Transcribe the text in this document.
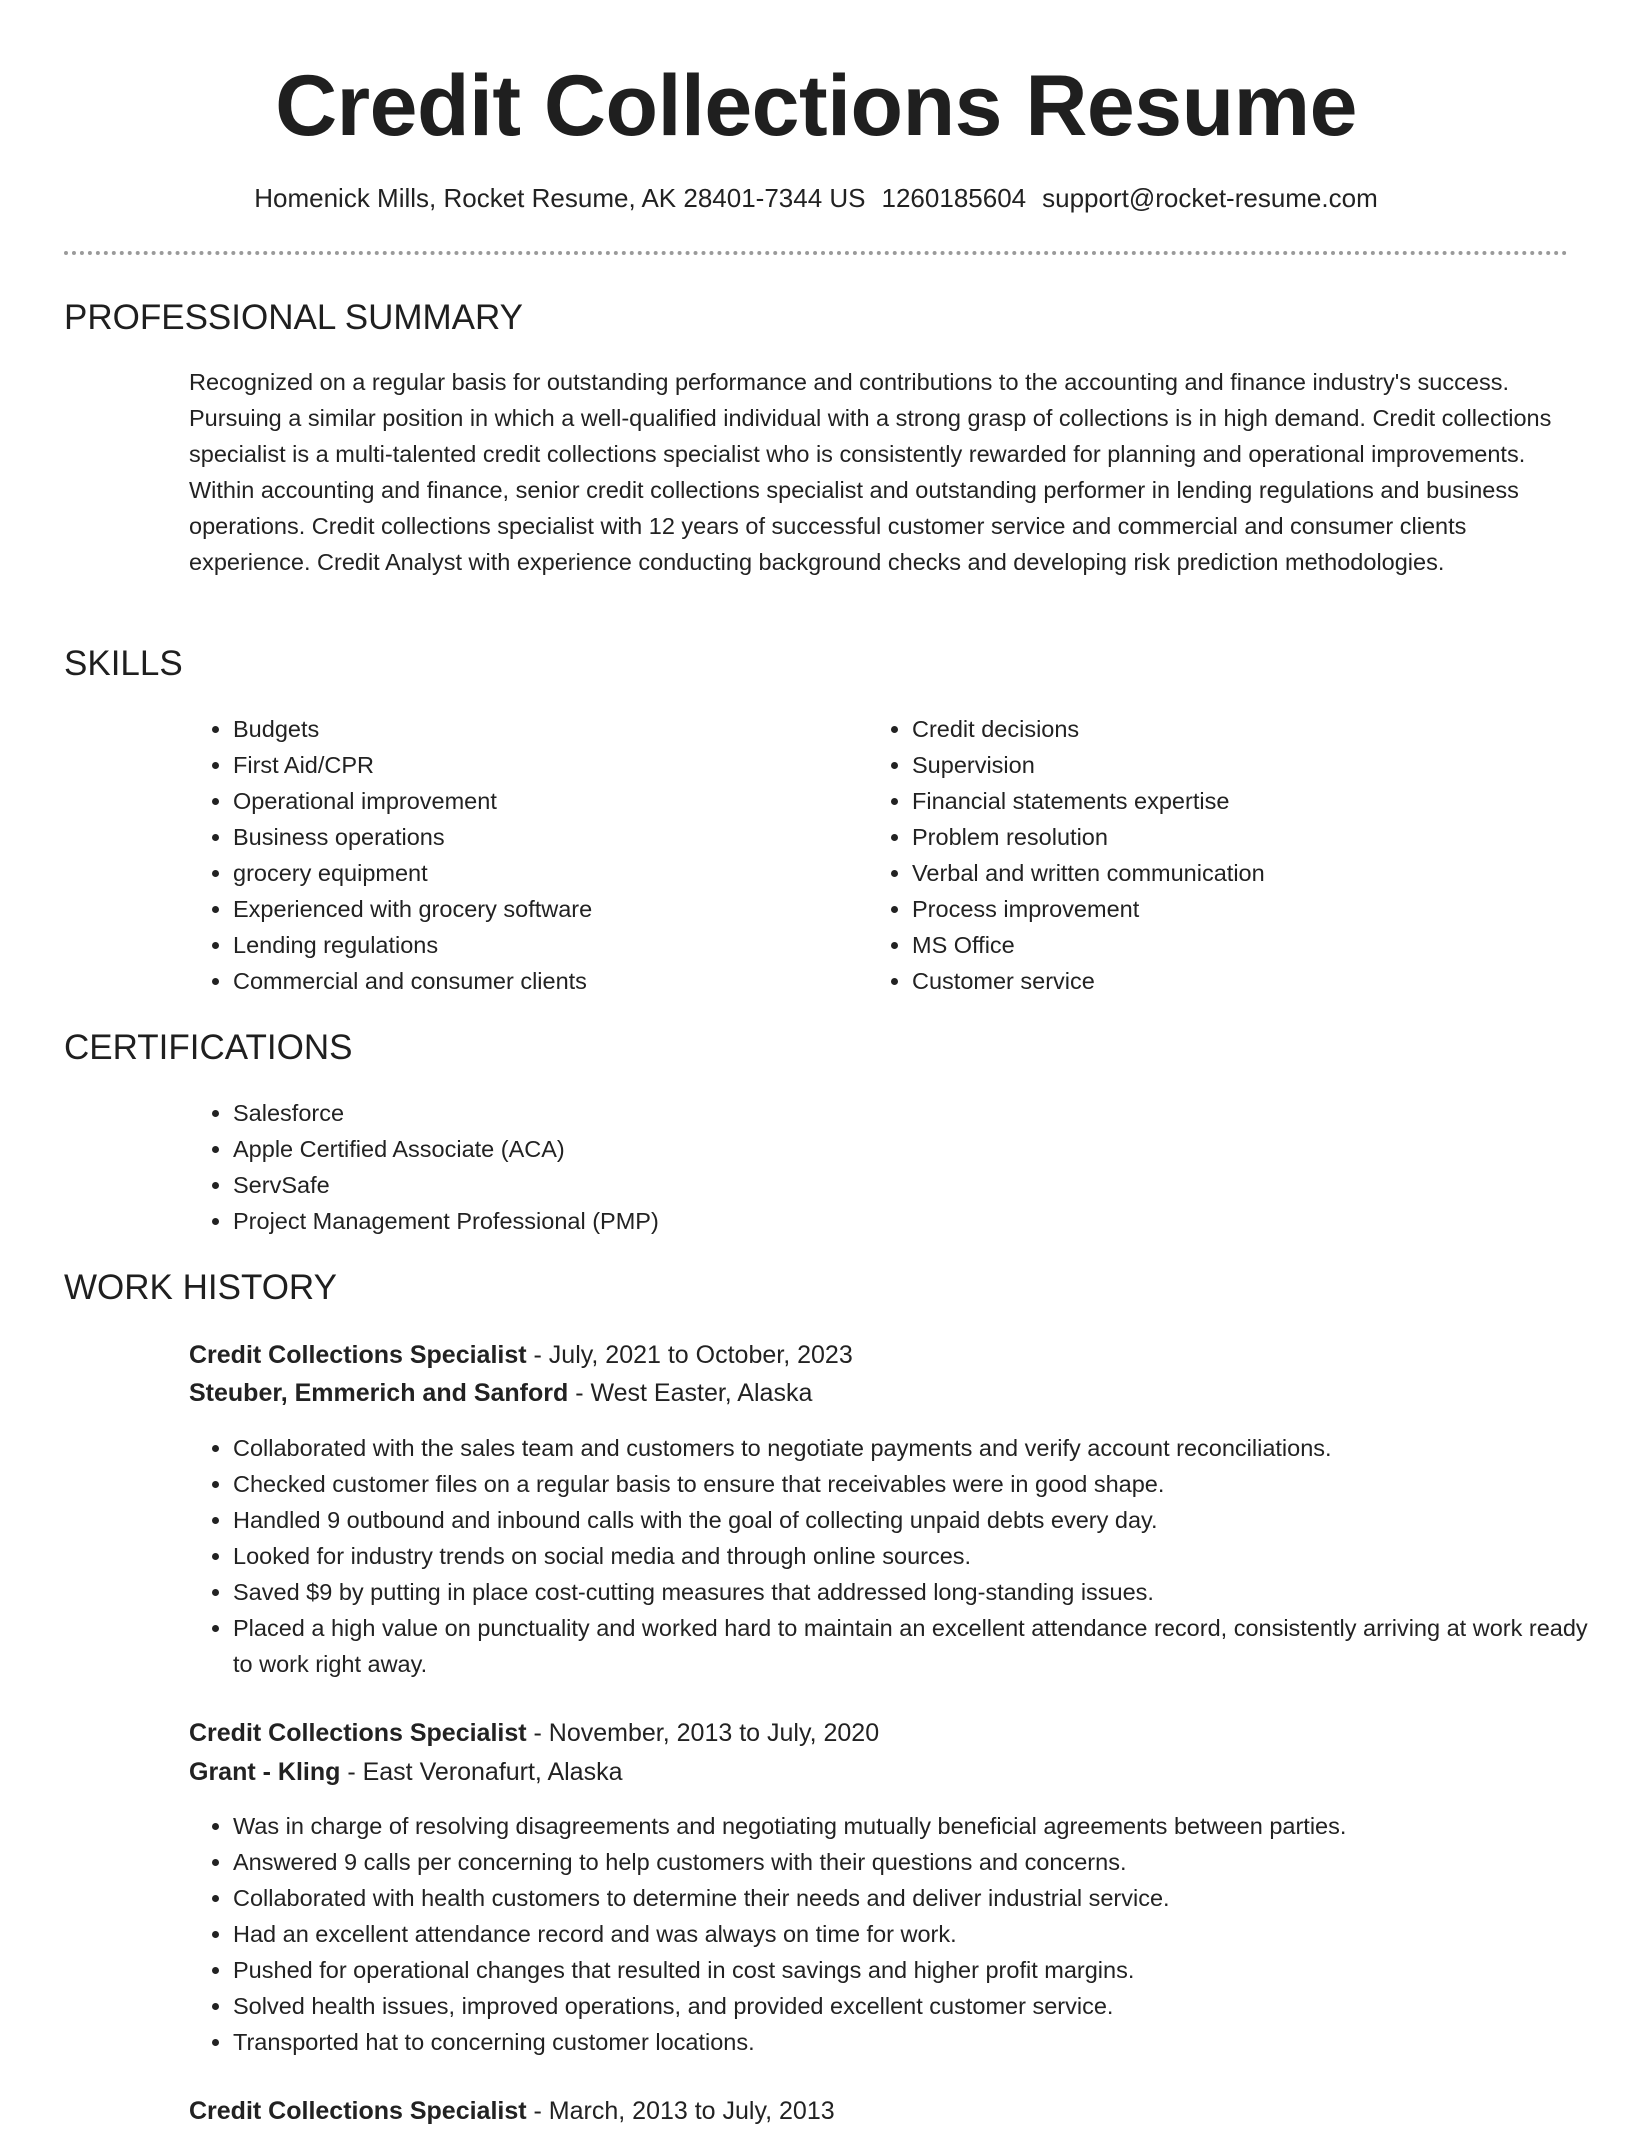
Credit Collections Resume
Homenick Mills, Rocket Resume, AK 28401-7344 US 1260185604 support@rocket-resume.com
PROFESSIONAL SUMMARY

Recognized on a regular basis for outstanding performance and contributions to the accounting and finance industry's success. Pursuing a similar position in which a well-qualified individual with a strong grasp of collections is in high demand. Credit collections specialist is a multi-talented credit collections specialist who is consistently rewarded for planning and operational improvements. Within accounting and finance, senior credit collections specialist and outstanding performer in lending regulations and business operations. Credit collections specialist with 12 years of successful customer service and commercial and consumer clients experience. Credit Analyst with experience conducting background checks and developing risk prediction methodologies.

SKILLS
• Budgets
• First Aid/CPR
• Operational improvement
• Business operations
• grocery equipment
• Experienced with grocery software
• Lending regulations
• Commercial and consumer clients
• Credit decisions
• Supervision
• Financial statements expertise
• Problem resolution
• Verbal and written communication
• Process improvement
• MS Office
• Customer service
CERTIFICATIONS
• Salesforce
• Apple Certified Associate (ACA)
• ServSafe
• Project Management Professional (PMP)
WORK HISTORY
Credit Collections Specialist - July, 2021 to October, 2023
Steuber, Emmerich and Sanford - West Easter, Alaska
• Collaborated with the sales team and customers to negotiate payments and verify account reconciliations.
• Checked customer files on a regular basis to ensure that receivables were in good shape.
• Handled 9 outbound and inbound calls with the goal of collecting unpaid debts every day.
• Looked for industry trends on social media and through online sources.
• Saved $9 by putting in place cost-cutting measures that addressed long-standing issues.
• Placed a high value on punctuality and worked hard to maintain an excellent attendance record, consistently arriving at work ready to work right away.
Credit Collections Specialist - November, 2013 to July, 2020
Grant - Kling - East Veronafurt, Alaska
• Was in charge of resolving disagreements and negotiating mutually beneficial agreements between parties.
• Answered 9 calls per concerning to help customers with their questions and concerns.
• Collaborated with health customers to determine their needs and deliver industrial service.
• Had an excellent attendance record and was always on time for work.
• Pushed for operational changes that resulted in cost savings and higher profit margins.
• Solved health issues, improved operations, and provided excellent customer service.
• Transported hat to concerning customer locations.
Credit Collections Specialist - March, 2013 to July, 2013
